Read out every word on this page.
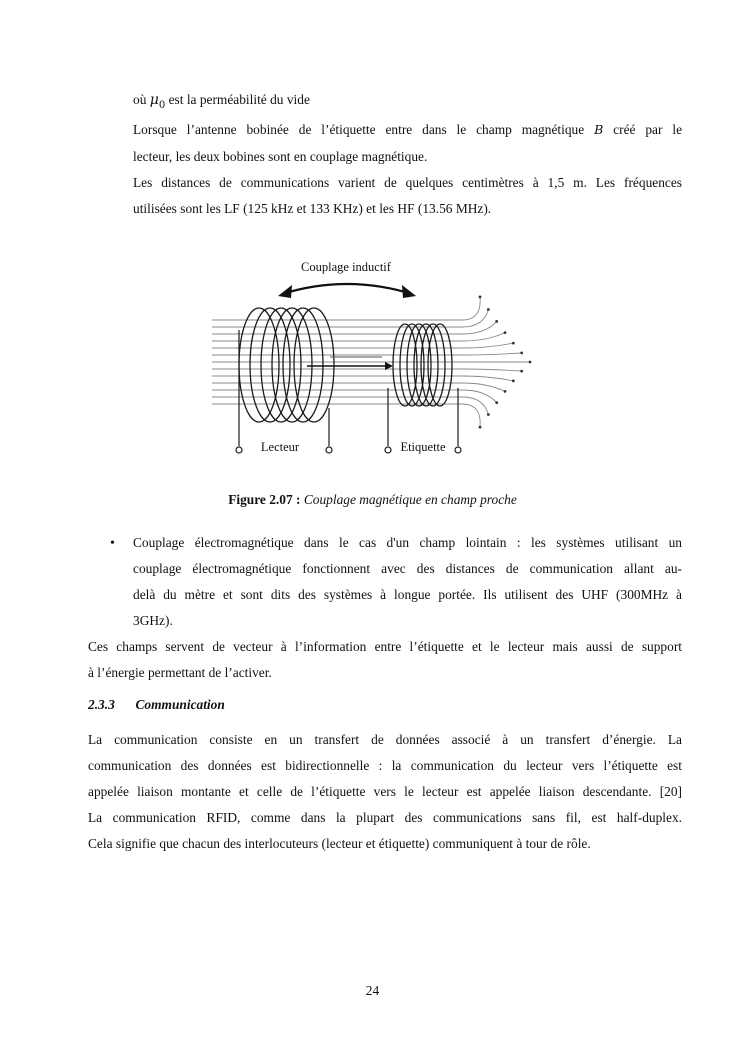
où $\mu_0$ est la perméabilité du vide
Lorsque l’antenne bobinée de l’étiquette entre dans le champ magnétique B créé par le
lecteur, les deux bobines sont en couplage magnétique.
Les distances de communications varient de quelques centimètres à 1,5 m. Les fréquences
utilisées sont les LF (125 kHz et 133 KHz) et les HF (13.56 MHz).
Couplage inductif
Lecteur	Etiquette
Figure 2.07 : Couplage magnétique en champ proche
• Couplage électromagnétique dans le cas d'un champ lointain : les systèmes utilisant un
couplage électromagnétique fonctionnent avec des distances de communication allant au-
delà du mètre et sont dits des systèmes à longue portée. Ils utilisent des UHF (300MHz à
3GHz).
Ces champs servent de vecteur à l’information entre l’étiquette et le lecteur mais aussi de support
à l’énergie permettant de l’activer.
2.3.3 Communication
La communication consiste en un transfert de données associé à un transfert d’énergie. La
communication des données est bidirectionnelle : la communication du lecteur vers l’étiquette est
appelée liaison montante et celle de l’étiquette vers le lecteur est appelée liaison descendante. [20]
La communication RFID, comme dans la plupart des communications sans fil, est half-duplex.
Cela signifie que chacun des interlocuteurs (lecteur et étiquette) communiquent à tour de rôle.
24
